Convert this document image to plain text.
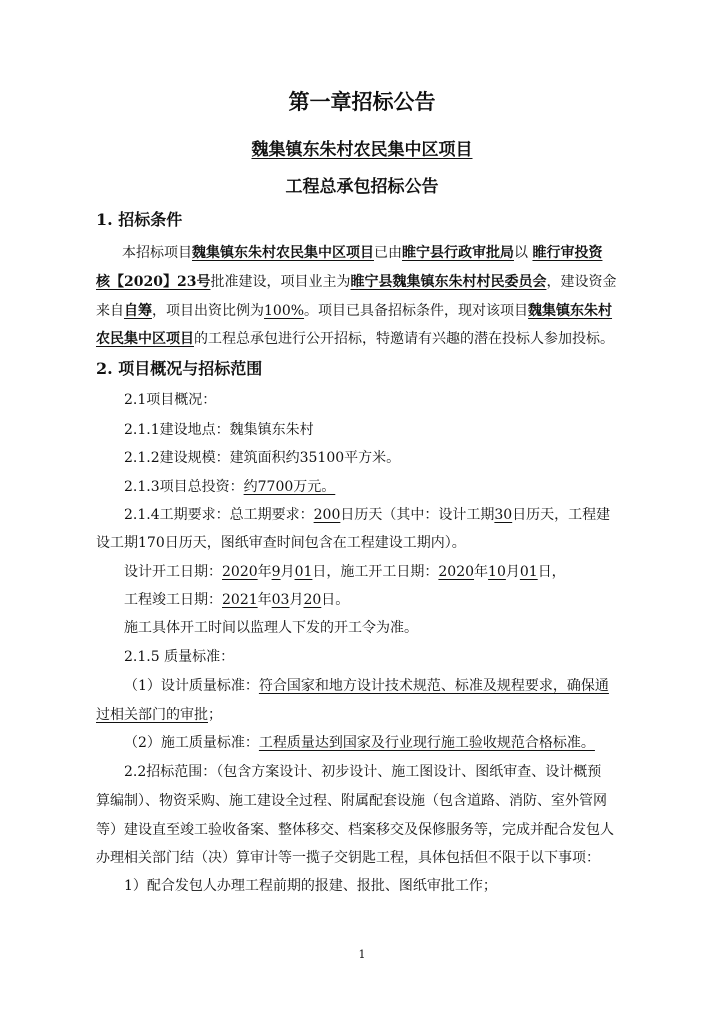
第一章招标公告
魏集镇东朱村农民集中区项目
工程总承包招标公告
1. 招标条件
本招标项目魏集镇东朱村农民集中区项目已由睢宁县行政审批局以 睢行审投资
核【2020】23号批准建设，项目业主为睢宁县魏集镇东朱村村民委员会，建设资金
来自自筹，项目出资比例为100%。项目已具备招标条件，现对该项目魏集镇东朱村
农民集中区项目的工程总承包进行公开招标，特邀请有兴趣的潜在投标人参加投标。
2. 项目概况与招标范围
2.1项目概况：
2.1.1建设地点：魏集镇东朱村
2.1.2建设规模：建筑面积约35100平方米。
2.1.3项目总投资：约7700万元。
2.1.4工期要求：总工期要求：200日历天（其中：设计工期30日历天，工程建
设工期170日历天，图纸审查时间包含在工程建设工期内）。
设计开工日期：2020年9月01日，施工开工日期：2020年10月01日，
工程竣工日期：2021年03月20日。
施工具体开工时间以监理人下发的开工令为准。
2.1.5 质量标准：
（1）设计质量标准：符合国家和地方设计技术规范、标准及规程要求，确保通
过相关部门的审批；
（2）施工质量标准：工程质量达到国家及行业现行施工验收规范合格标准。
2.2招标范围：（包含方案设计、初步设计、施工图设计、图纸审查、设计概预
算编制）、物资采购、施工建设全过程、附属配套设施（包含道路、消防、室外管网
等）建设直至竣工验收备案、整体移交、档案移交及保修服务等，完成并配合发包人
办理相关部门结（决）算审计等一揽子交钥匙工程，具体包括但不限于以下事项：
1）配合发包人办理工程前期的报建、报批、图纸审批工作；
1
